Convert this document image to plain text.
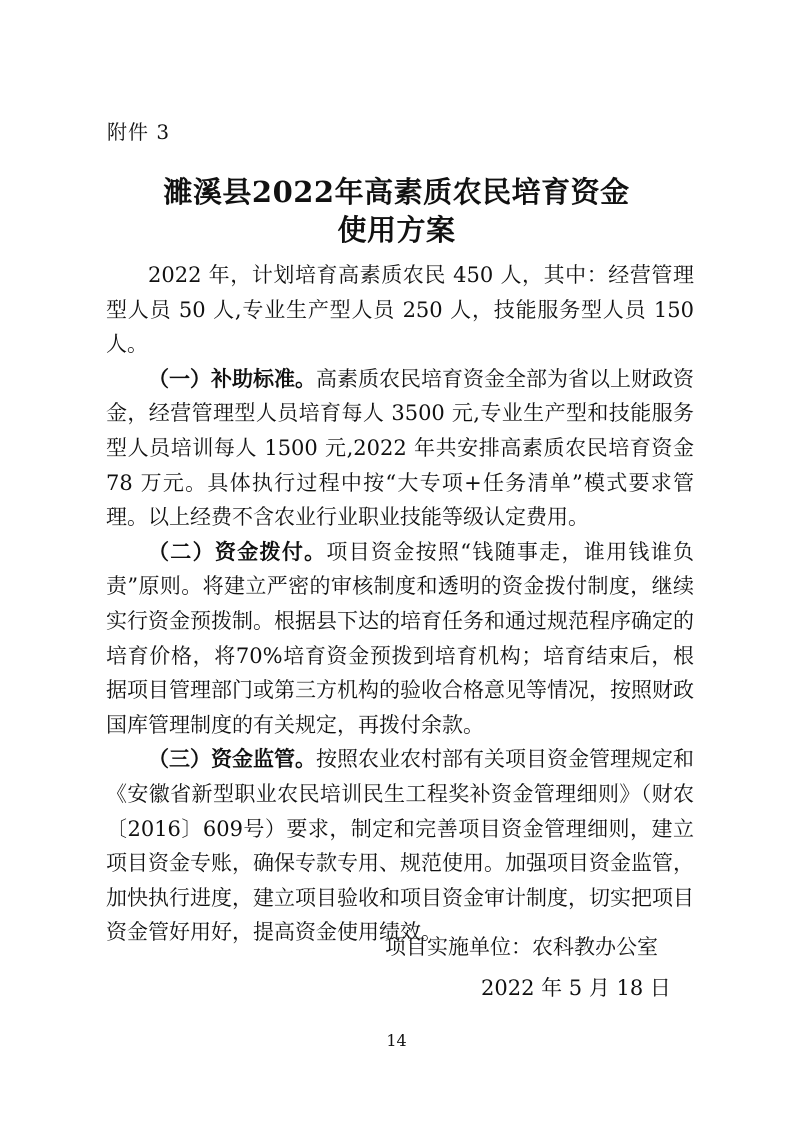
附件 3
濉溪县2022年高素质农民培育资金
使用方案

2022 年，计划培育高素质农民 450 人，其中：经营管理型人员 50 人,专业生产型人员 250 人，技能服务型人员 150 人。

（一）补助标准。高素质农民培育资金全部为省以上财政资金，经营管理型人员培育每人 3500 元,专业生产型和技能服务型人员培训每人 1500 元,2022 年共安排高素质农民培育资金 78 万元。具体执行过程中按“大专项+任务清单”模式要求管理。以上经费不含农业行业职业技能等级认定费用。

（二）资金拨付。项目资金按照“钱随事走，谁用钱谁负责”原则。将建立严密的审核制度和透明的资金拨付制度，继续实行资金预拨制。根据县下达的培育任务和通过规范程序确定的培育价格，将70%培育资金预拨到培育机构；培育结束后，根据项目管理部门或第三方机构的验收合格意见等情况，按照财政国库管理制度的有关规定，再拨付余款。

（三）资金监管。按照农业农村部有关项目资金管理规定和《安徽省新型职业农民培训民生工程奖补资金管理细则》（财农〔2016〕609号）要求，制定和完善项目资金管理细则，建立项目资金专账，确保专款专用、规范使用。加强项目资金监管，加快执行进度，建立项目验收和项目资金审计制度，切实把项目资金管好用好，提高资金使用绩效。

项目实施单位：农科教办公室
2022 年 5 月 18 日
14
